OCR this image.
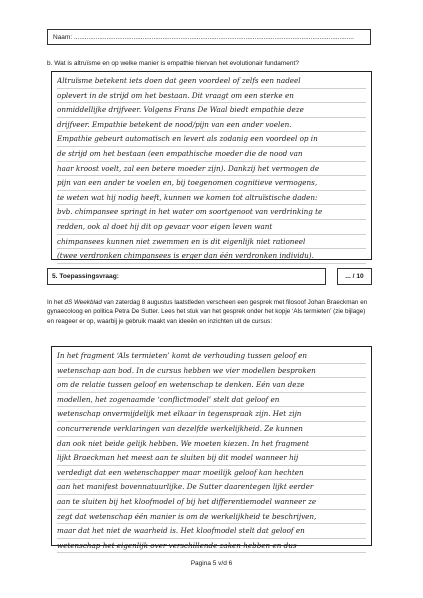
Naam: ...........................................................................................................................................................
b. Wat is altruïsme en op welke manier is empathie hiervan het evolutionair fundament?
Altruïsme betekent iets doen dat geen voordeel of zelfs een nadeel
oplevert in de strijd om het bestaan. Dit vraagt om een sterke en
onmiddellijke drijfveer. Volgens Frans De Waal biedt empathie deze
drijfveer. Empathie betekent de nood/pijn van een ander voelen.
Empathie gebeurt automatisch en levert als zodanig een voordeel op in
de strijd om het bestaan (een empathische moeder die de nood van
haar kroost voelt, zal een betere moeder zijn). Dankzij het vermogen de
pijn van een ander te voelen en, bij toegenomen cognitieve vermogens,
te weten wat hij nodig heeft, kunnen we komen tot altruïstische daden:
bvb. chimpansee springt in het water om soortgenoot van verdrinking te
redden, ook al doet hij dit op gevaar voor eigen leven want
chimpansees kunnen niet zwemmen en is dit eigenlijk niet rationeel
(twee verdronken chimpansees is erger dan één verdronken individu).
5. Toepassingsvraag:	... / 10
In het dS Weekblad van zaterdag 8 augustus laatstleden verscheen een gesprek met filosoof Johan Braeckman en gynaecoloog en politica Petra De Sutter. Lees het stuk van het gesprek onder het kopje ‘Als termieten’ (zie bijlage) en reageer er op, waarbij je gebruik maakt van ideeën en inzichten uit de cursus:
In het fragment ‘Als termieten’ komt de verhouding tussen geloof en
wetenschap aan bod. In de cursus hebben we vier modellen besproken
om de relatie tussen geloof en wetenschap te denken. Eén van deze
modellen, het zogenaamde ‘conflictmodel’ stelt dat geloof en
wetenschap onvermijdelijk met elkaar in tegenspraak zijn. Het zijn
concurrerende verklaringen van dezelfde werkelijkheid. Ze kunnen
dan ook niet beide gelijk hebben. We moeten kiezen. In het fragment
lijkt Braeckman het meest aan te sluiten bij dit model wanneer hij
verdedigt dat een wetenschapper maar moeilijk geloof kan hechten
aan het manifest bovennatuurlijke. De Sutter daarentegen lijkt eerder
aan te sluiten bij het kloofmodel of bij het differentiemodel wanneer ze
zegt dat wetenschap één manier is om de werkelijkheid te beschrijven,
maar dat het niet de waarheid is. Het kloofmodel stelt dat geloof en
wetenschap het eigenlijk over verschillende zaken hebben en dus
Pagina 5 v/d 6
